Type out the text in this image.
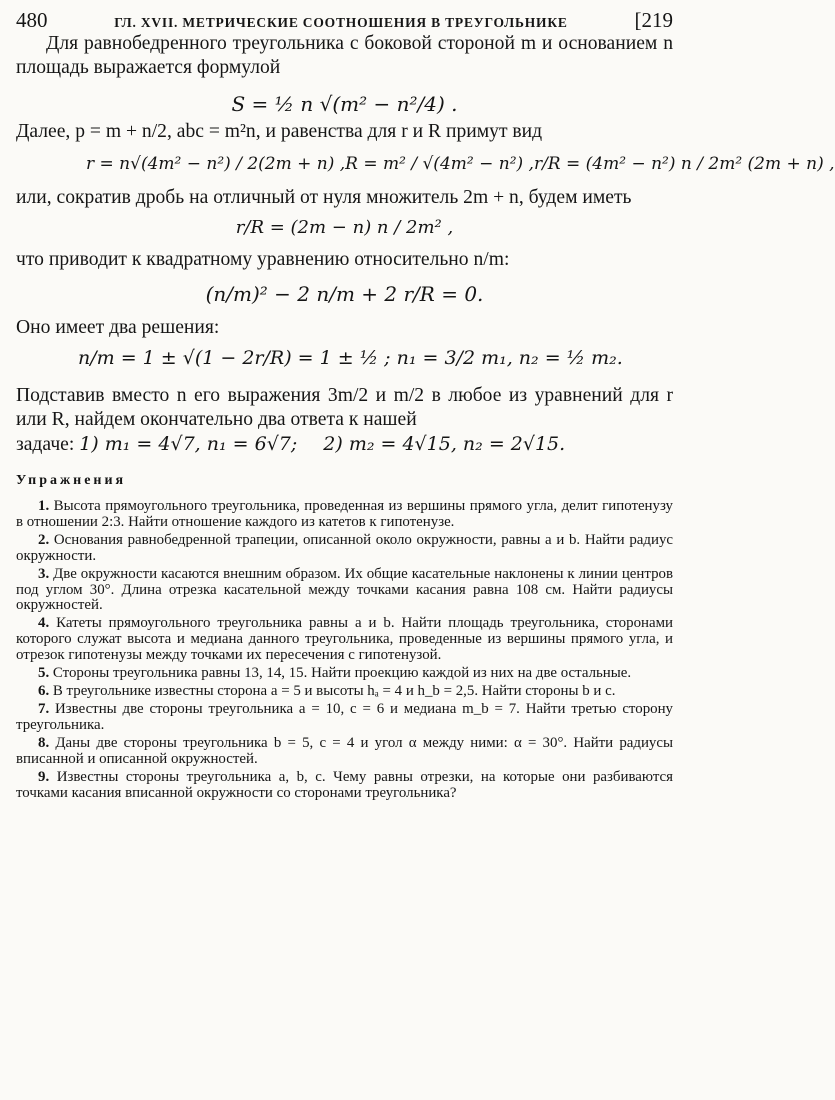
480	ГЛ. XVII. МЕТРИЧЕСКИЕ СООТНОШЕНИЯ В ТРЕУГОЛЬНИКЕ	[219

Для равнобедренного треугольника с боковой стороной m и основанием n площадь выражается формулой

S = ½ n √(m² − n²/4) .

Далее, p = m + n/2, abc = m²n, и равенства для r и R примут вид

r = n√(4m² − n²) / 2(2m + n) , R = m² / √(4m² − n²) , r/R = (4m² − n²) n / 2m² (2m + n) ,

или, сократив дробь на отличный от нуля множитель 2m + n, будем иметь

r/R = (2m − n) n / 2m² ,

что приводит к квадратному уравнению относительно n/m:

(n/m)² − 2 n/m + 2 r/R = 0.

Оно имеет два решения:

n/m = 1 ± √(1 − 2r/R) = 1 ± ½ ; n₁ = 3/2 m₁, n₂ = ½ m₂.

Подставив вместо n его выражения 3m/2 и m/2 в любое из уравнений для r или R, найдем окончательно два ответа к нашей

задаче: 1) m₁ = 4√7, n₁ = 6√7; 2) m₂ = 4√15, n₂ = 2√15.

Упражнения

1. Высота прямоугольного треугольника, проведенная из вершины прямого угла, делит гипотенузу в отношении 2:3. Найти отношение каждого из катетов к гипотенузе.

2. Основания равнобедренной трапеции, описанной около окружности, равны a и b. Найти радиус окружности.

3. Две окружности касаются внешним образом. Их общие касательные наклонены к линии центров под углом 30°. Длина отрезка касательной между точками касания равна 108 см. Найти радиусы окружностей.

4. Катеты прямоугольного треугольника равны a и b. Найти площадь треугольника, сторонами которого служат высота и медиана данного треугольника, проведенные из вершины прямого угла, и отрезок гипотенузы между точками их пересечения с гипотенузой.

5. Стороны треугольника равны 13, 14, 15. Найти проекцию каждой из них на две остальные.

6. В треугольнике известны сторона a = 5 и высоты hₐ = 4 и h_b = 2,5. Найти стороны b и c.

7. Известны две стороны треугольника a = 10, c = 6 и медиана m_b = 7. Найти третью сторону треугольника.

8. Даны две стороны треугольника b = 5, c = 4 и угол α между ними: α = 30°. Найти радиусы вписанной и описанной окружностей.

9. Известны стороны треугольника a, b, c. Чему равны отрезки, на которые они разбиваются точками касания вписанной окружности со сторонами треугольника?
